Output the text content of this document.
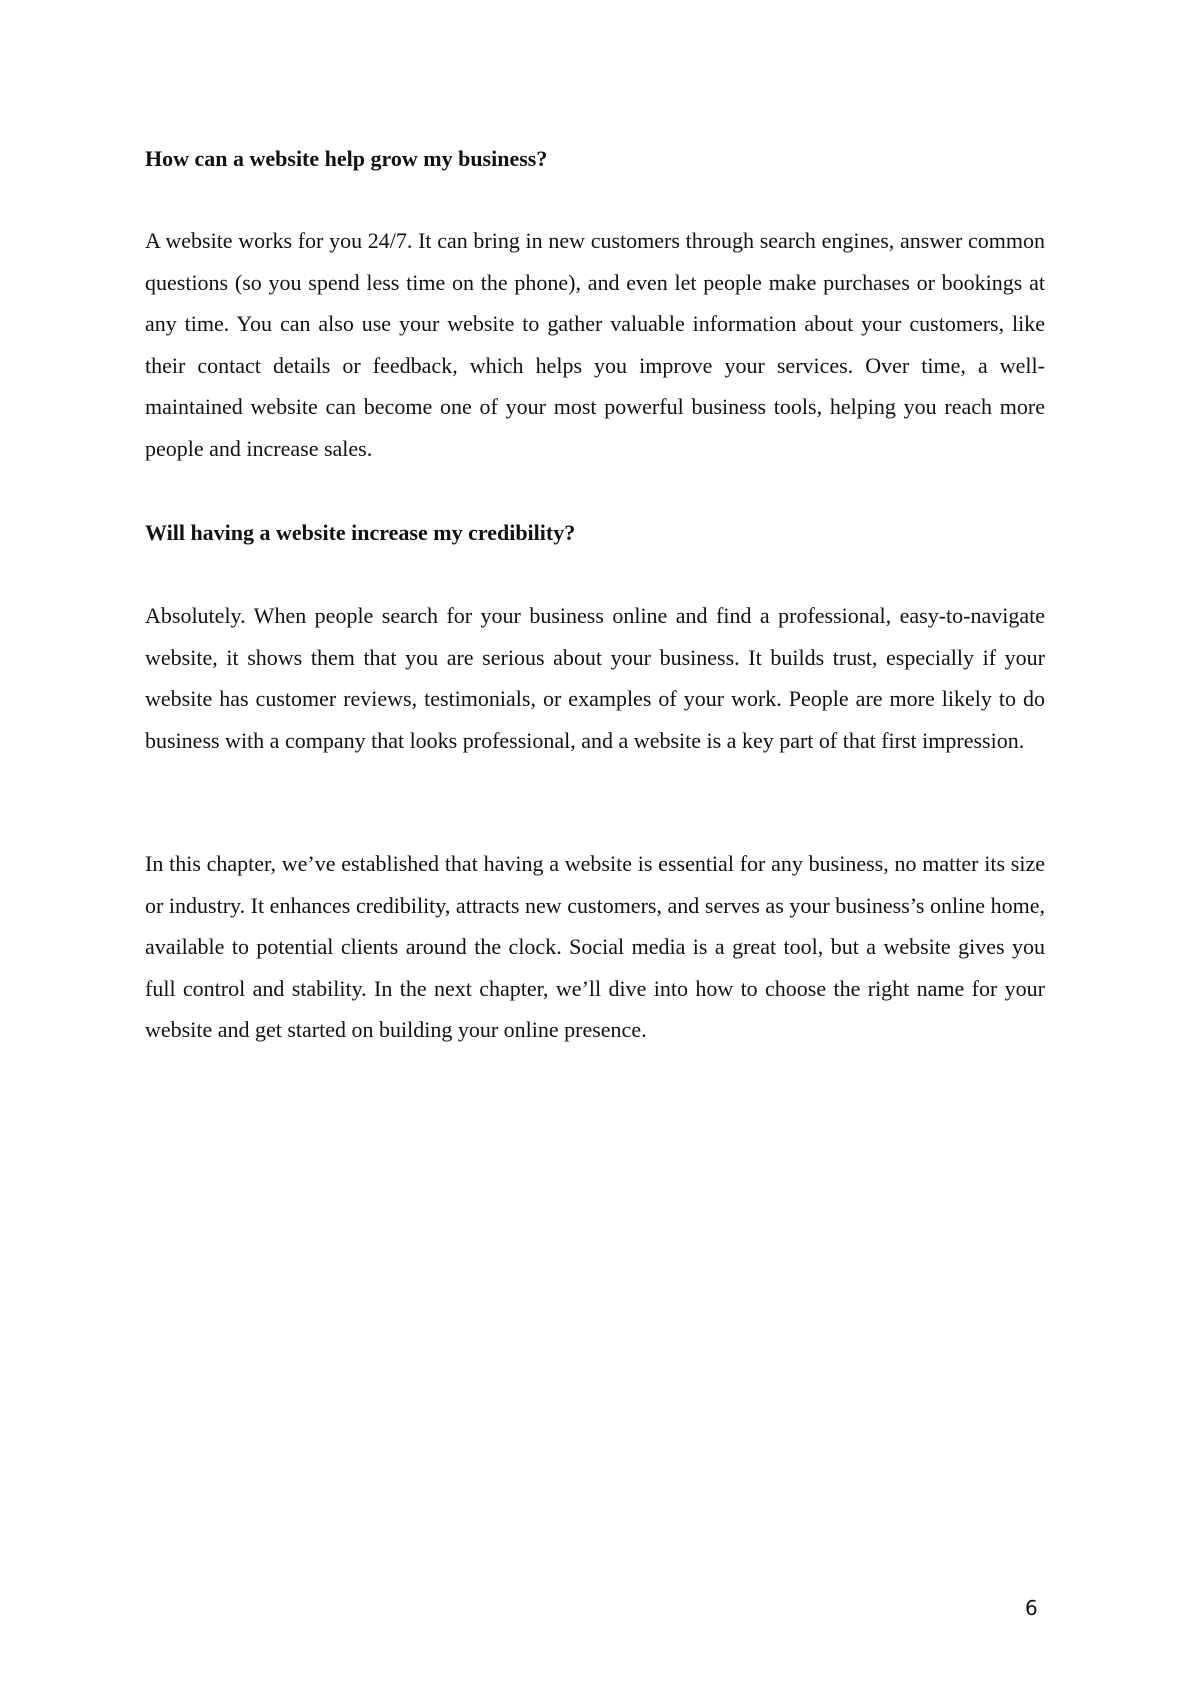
How can a website help grow my business?

A website works for you 24/7. It can bring in new customers through search engines, answer common questions (so you spend less time on the phone), and even let people make purchases or bookings at any time. You can also use your website to gather valuable information about your customers, like their contact details or feedback, which helps you improve your services. Over time, a well-maintained website can become one of your most powerful business tools, helping you reach more people and increase sales.

Will having a website increase my credibility?

Absolutely. When people search for your business online and find a professional, easy-to-navigate website, it shows them that you are serious about your business. It builds trust, especially if your website has customer reviews, testimonials, or examples of your work. People are more likely to do business with a company that looks professional, and a website is a key part of that first impression.

In this chapter, we’ve established that having a website is essential for any business, no matter its size or industry. It enhances credibility, attracts new customers, and serves as your business’s online home, available to potential clients around the clock. Social media is a great tool, but a website gives you full control and stability. In the next chapter, we’ll dive into how to choose the right name for your website and get started on building your online presence.

6
